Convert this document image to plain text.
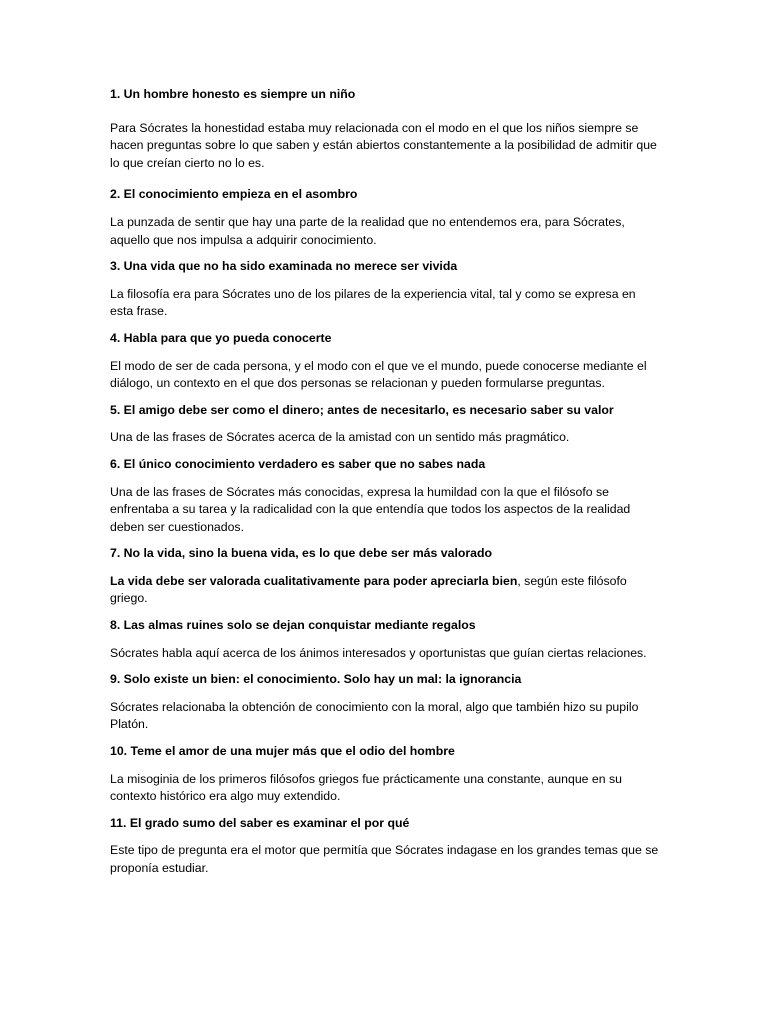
1. Un hombre honesto es siempre un niño

Para Sócrates la honestidad estaba muy relacionada con el modo en el que los niños siempre se hacen preguntas sobre lo que saben y están abiertos constantemente a la posibilidad de admitir que lo que creían cierto no lo es.

2. El conocimiento empieza en el asombro

La punzada de sentir que hay una parte de la realidad que no entendemos era, para Sócrates, aquello que nos impulsa a adquirir conocimiento.

3. Una vida que no ha sido examinada no merece ser vivida

La filosofía era para Sócrates uno de los pilares de la experiencia vital, tal y como se expresa en esta frase.

4. Habla para que yo pueda conocerte

El modo de ser de cada persona, y el modo con el que ve el mundo, puede conocerse mediante el diálogo, un contexto en el que dos personas se relacionan y pueden formularse preguntas.

5. El amigo debe ser como el dinero; antes de necesitarlo, es necesario saber su valor

Una de las frases de Sócrates acerca de la amistad con un sentido más pragmático.

6. El único conocimiento verdadero es saber que no sabes nada

Una de las frases de Sócrates más conocidas, expresa la humildad con la que el filósofo se enfrentaba a su tarea y la radicalidad con la que entendía que todos los aspectos de la realidad deben ser cuestionados.

7. No la vida, sino la buena vida, es lo que debe ser más valorado

La vida debe ser valorada cualitativamente para poder apreciarla bien, según este filósofo griego.

8. Las almas ruines solo se dejan conquistar mediante regalos

Sócrates habla aquí acerca de los ánimos interesados y oportunistas que guían ciertas relaciones.

9. Solo existe un bien: el conocimiento. Solo hay un mal: la ignorancia

Sócrates relacionaba la obtención de conocimiento con la moral, algo que también hizo su pupilo Platón.

10. Teme el amor de una mujer más que el odio del hombre

La misoginia de los primeros filósofos griegos fue prácticamente una constante, aunque en su contexto histórico era algo muy extendido.

11. El grado sumo del saber es examinar el por qué

Este tipo de pregunta era el motor que permitía que Sócrates indagase en los grandes temas que se proponía estudiar.
